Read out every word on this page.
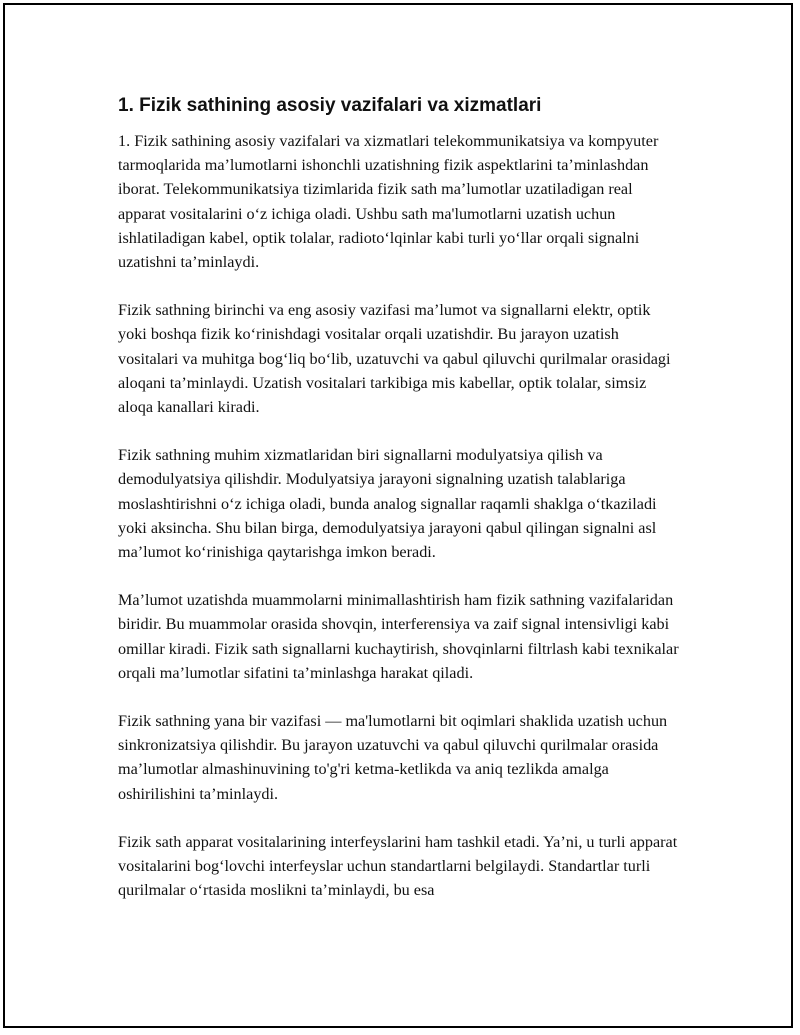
1. Fizik sathining asosiy vazifalari va xizmatlari

1. Fizik sathining asosiy vazifalari va xizmatlari telekommunikatsiya va kompyuter tarmoqlarida ma’lumotlarni ishonchli uzatishning fizik aspektlarini ta’minlashdan iborat. Telekommunikatsiya tizimlarida fizik sath ma’lumotlar uzatiladigan real apparat vositalarini o‘z ichiga oladi. Ushbu sath ma'lumotlarni uzatish uchun ishlatiladigan kabel, optik tolalar, radioto‘lqinlar kabi turli yo‘llar orqali signalni uzatishni ta’minlaydi.

Fizik sathning birinchi va eng asosiy vazifasi ma’lumot va signallarni elektr, optik yoki boshqa fizik ko‘rinishdagi vositalar orqali uzatishdir. Bu jarayon uzatish vositalari va muhitga bog‘liq bo‘lib, uzatuvchi va qabul qiluvchi qurilmalar orasidagi aloqani ta’minlaydi. Uzatish vositalari tarkibiga mis kabellar, optik tolalar, simsiz aloqa kanallari kiradi.

Fizik sathning muhim xizmatlaridan biri signallarni modulyatsiya qilish va demodulyatsiya qilishdir. Modulyatsiya jarayoni signalning uzatish talablariga moslashtirishni o‘z ichiga oladi, bunda analog signallar raqamli shaklga o‘tkaziladi yoki aksincha. Shu bilan birga, demodulyatsiya jarayoni qabul qilingan signalni asl ma’lumot ko‘rinishiga qaytarishga imkon beradi.

Ma’lumot uzatishda muammolarni minimallashtirish ham fizik sathning vazifalaridan biridir. Bu muammolar orasida shovqin, interferensiya va zaif signal intensivligi kabi omillar kiradi. Fizik sath signallarni kuchaytirish, shovqinlarni filtrlash kabi texnikalar orqali ma’lumotlar sifatini ta’minlashga harakat qiladi.

Fizik sathning yana bir vazifasi — ma'lumotlarni bit oqimlari shaklida uzatish uchun sinkronizatsiya qilishdir. Bu jarayon uzatuvchi va qabul qiluvchi qurilmalar orasida ma’lumotlar almashinuvining to'g'ri ketma-ketlikda va aniq tezlikda amalga oshirilishini ta’minlaydi.

Fizik sath apparat vositalarining interfeyslarini ham tashkil etadi. Ya’ni, u turli apparat vositalarini bog‘lovchi interfeyslar uchun standartlarni belgilaydi. Standartlar turli qurilmalar o‘rtasida moslikni ta’minlaydi, bu esa
